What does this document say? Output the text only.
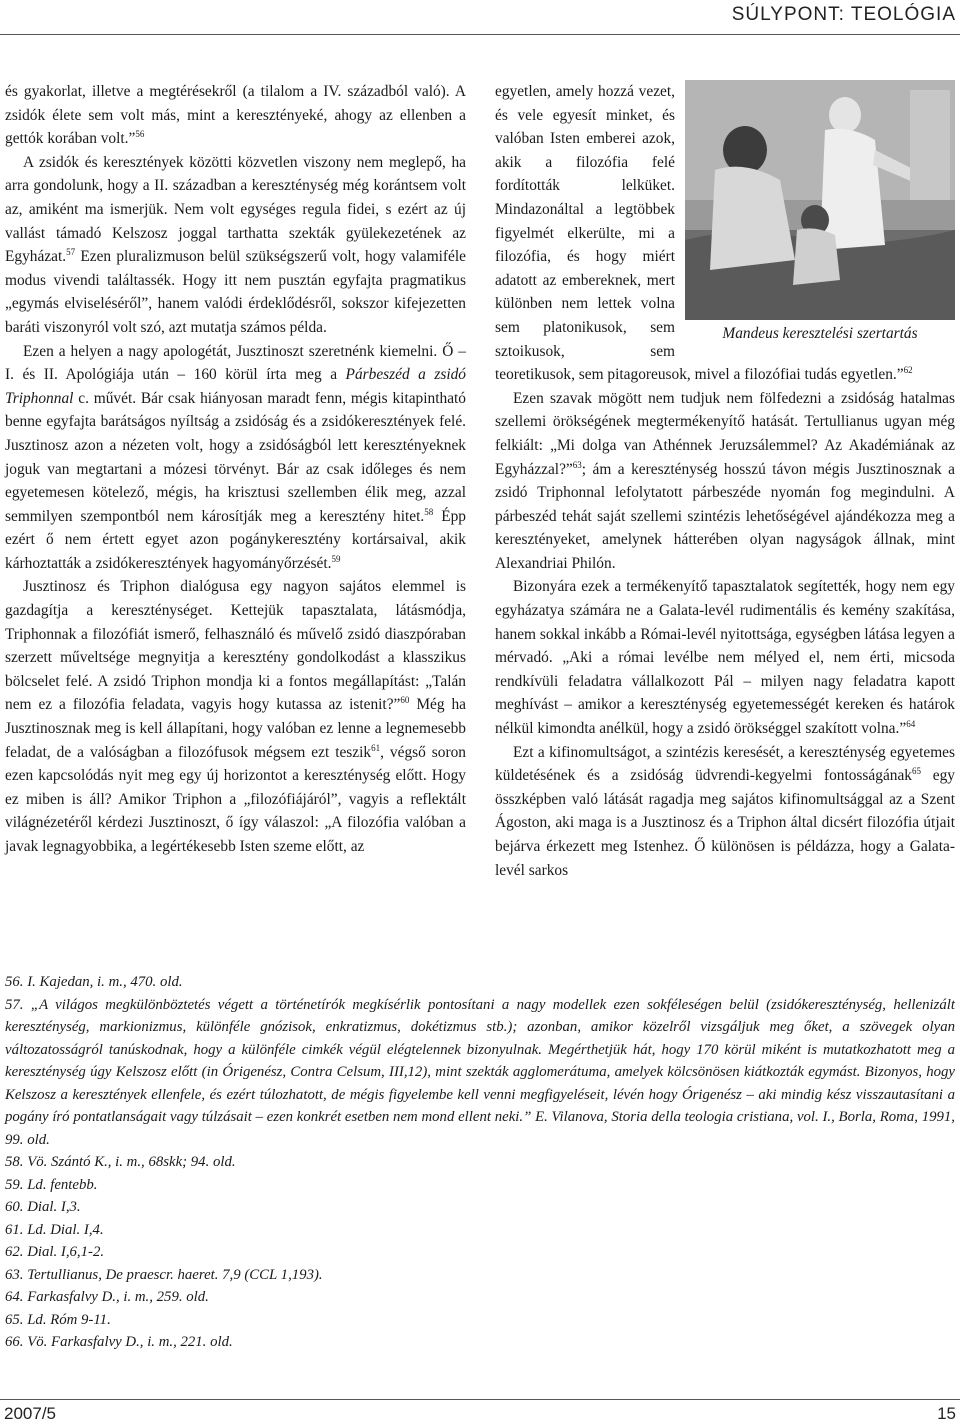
SÚLYPONT: TEOLÓGIA

és gyakorlat, illetve a megtérésekről (a tilalom a IV. századból való). A zsidók élete sem volt más, mint a keresztényeké, ahogy az ellenben a gettók korában volt.”$^{56}$

A zsidók és keresztények közötti közvetlen viszony nem meglepő, ha arra gondolunk, hogy a II. században a kereszténység még korántsem volt az, amiként ma ismerjük. Nem volt egységes regula fidei, s ezért az új vallást támadó Kelszosz joggal tarthatta szekták gyülekezetének az Egyházat.$^{57}$ Ezen pluralizmuson belül szükségszerű volt, hogy valamiféle modus vivendi találtassék. Hogy itt nem pusztán egyfajta pragmatikus „egymás elviseléséről”, hanem valódi érdeklődésről, sokszor kifejezetten baráti viszonyról volt szó, azt mutatja számos példa.

Ezen a helyen a nagy apologétát, Jusztinoszt szeretnénk kiemelni. Ő – I. és II. Apológiája után – 160 körül írta meg a Párbeszéd a zsidó Triphonnal c. művét. Bár csak hiányosan maradt fenn, mégis kitapintható benne egyfajta barátságos nyíltság a zsidóság és a zsidókeresztények felé. Jusztinosz azon a nézeten volt, hogy a zsidóságból lett keresztényeknek joguk van megtartani a mózesi törvényt. Bár az csak időleges és nem egyetemesen kötelező, mégis, ha krisztusi szellemben élik meg, azzal semmilyen szempontból nem károsítják meg a keresztény hitet.$^{58}$ Épp ezért ő nem értett egyet azon pogánykeresztény kortársaival, akik kárhoztatták a zsidókeresztények hagyományőrzését.$^{59}$

Jusztinosz és Triphon dialógusa egy nagyon sajátos elemmel is gazdagítja a kereszténységet. Kettejük tapasztalata, látásmódja, Triphonnak a filozófiát ismerő, felhasználó és művelő zsidó diaszpóraban szerzett műveltsége megnyitja a keresztény gondolkodást a klasszikus bölcselet felé. A zsidó Triphon mondja ki a fontos megállapítást: „Talán nem ez a filozófia feladata, vagyis hogy kutassa az istenit?”$^{60}$ Még ha Jusztinosznak meg is kell állapítani, hogy valóban ez lenne a legnemesebb feladat, de a valóságban a filozófusok mégsem ezt teszik$^{61}$, végső soron ezen kapcsolódás nyit meg egy új horizontot a kereszténység előtt. Hogy ez miben is áll? Amikor Triphon a „filozófiájáról”, vagyis a reflektált világnézetéről kérdezi Jusztinoszt, ő így válaszol: „A filozófia valóban a javak legnagyobbika, a legértékesebb Isten szeme előtt, az

Mandeus keresztelési szertartás

egyetlen, amely hozzá vezet, és vele egyesít minket, és valóban Isten emberei azok, akik a filozófia felé fordították lelküket. Mindazonáltal a legtöbbek figyelmét elkerülte, mi a filozófia, és hogy miért adatott az embereknek, mert különben nem lettek volna sem platonikusok, sem sztoikusok, sem teoretikusok, sem pitagoreusok, mivel a filozófiai tudás egyetlen.”$^{62}$

Ezen szavak mögött nem tudjuk nem fölfedezni a zsidóság hatalmas szellemi örökségének megtermékenyítő hatását. Tertullianus ugyan még felkiált: „Mi dolga van Athénnek Jeruzsálemmel? Az Akadémiának az Egyházzal?”$^{63}$; ám a kereszténység hosszú távon mégis Jusztinosznak a zsidó Triphonnal lefolytatott párbeszéde nyomán fog megindulni. A párbeszéd tehát saját szellemi szintézis lehetőségével ajándékozza meg a keresztényeket, amelynek hátterében olyan nagyságok állnak, mint Alexandriai Philón.

Bizonyára ezek a termékenyítő tapasztalatok segítették, hogy nem egy egyházatya számára ne a Galata-levél rudimentális és kemény szakítása, hanem sokkal inkább a Római-levél nyitottsága, egységben látása legyen a mérvadó. „Aki a római levélbe nem mélyed el, nem érti, micsoda rendkívüli feladatra vállalkozott Pál – milyen nagy feladatra kapott meghívást – amikor a kereszténység egyetemességét kereken és határok nélkül kimondta anélkül, hogy a zsidó örökséggel szakított volna.”$^{64}$

Ezt a kifinomultságot, a szintézis keresését, a kereszténység egyetemes küldetésének és a zsidóság üdvrendi-kegyelmi fontosságának$^{65}$ egy összképben való látását ragadja meg sajátos kifinomultsággal az a Szent Ágoston, aki maga is a Jusztinosz és a Triphon által dicsért filozófia útjait bejárva érkezett meg Istenhez. Ő különösen is példázza, hogy a Galata-levél sarkos

56. I. Kajedan, i. m., 470. old.
57. „A világos megkülönböztetés végett a történetírók megkísérlik pontosítani a nagy modellek ezen sokféleségen belül (zsidókereszténység, hellenizált kereszténység, markionizmus, különféle gnózisok, enkratizmus, dokétizmus stb.); azonban, amikor közelről vizsgáljuk meg őket, a szövegek olyan változatosságról tanúskodnak, hogy a különféle cimkék végül elégtelennek bizonyulnak. Megérthetjük hát, hogy 170 körül miként is mutatkozhatott meg a kereszténység úgy Kelszosz előtt (in Órigenész, Contra Celsum, III,12), mint szekták agglomerátuma, amelyek kölcsönösen kiátkozták egymást. Bizonyos, hogy Kelszosz a keresztények ellenfele, és ezért túlozhatott, de mégis figyelembe kell venni megfigyeléseit, lévén hogy Órigenész – aki mindig kész visszautasítani a pogány író pontatlanságait vagy túlzásait – ezen konkrét esetben nem mond ellent neki.” E. Vilanova, Storia della teologia cristiana, vol. I., Borla, Roma, 1991, 99. old.
58. Vö. Szántó K., i. m., 68skk; 94. old.
59. Ld. fentebb.
60. Dial. I,3.
61. Ld. Dial. I,4.
62. Dial. I,6,1-2.
63. Tertullianus, De praescr. haeret. 7,9 (CCL 1,193).
64. Farkasfalvy D., i. m., 259. old.
65. Ld. Róm 9-11.
66. Vö. Farkasfalvy D., i. m., 221. old.
2007/5	15
